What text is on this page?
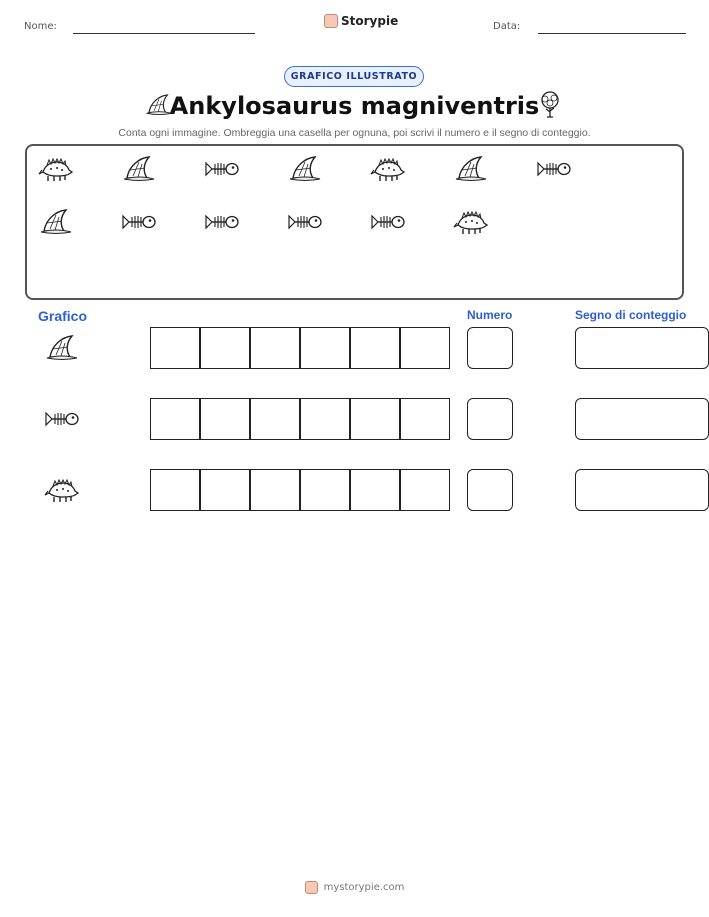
Nome:	Storypie	Data:
GRAFICO ILLUSTRATO
Ankylosaurus magniventris
Conta ogni immagine. Ombreggia una casella per ognuna, poi scrivi il numero e il segno di conteggio.
Grafico	Numero	Segno di conteggio
mystorypie.com
